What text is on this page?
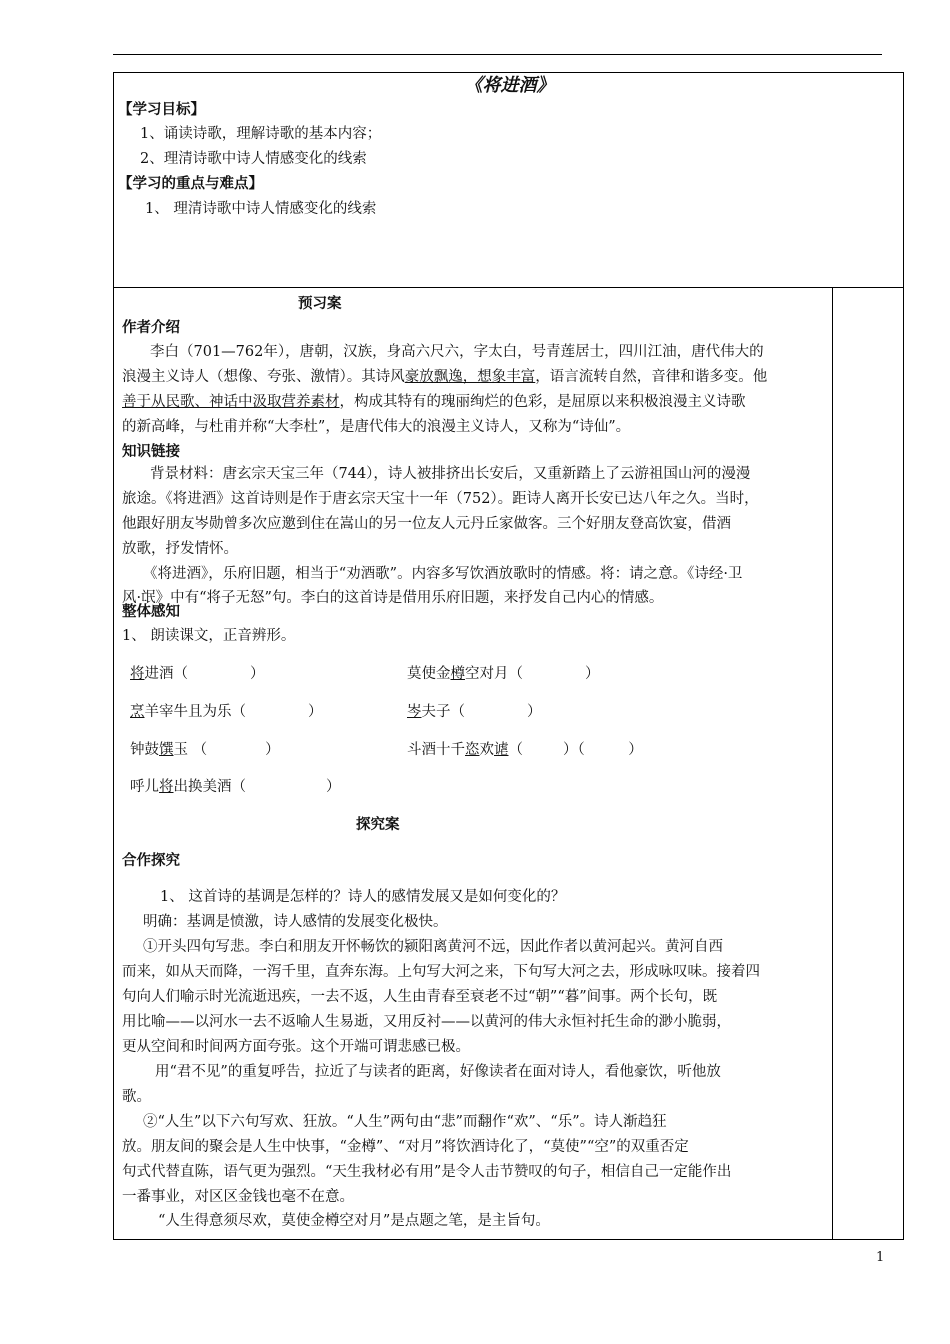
《将进酒》
【学习目标】
1、诵读诗歌，理解诗歌的基本内容；
2、理清诗歌中诗人情感变化的线索
【学习的重点与难点】
1、 理清诗歌中诗人情感变化的线索
预习案
作者介绍
李白（701—762年），唐朝，汉族，身高六尺六，字太白，号青莲居士，四川江油，唐代伟大的
浪漫主义诗人（想像、夸张、激情）。其诗风豪放飘逸，想象丰富，语言流转自然，音律和谐多变。他
善于从民歌、神话中汲取营养素材，构成其特有的瑰丽绚烂的色彩，是屈原以来积极浪漫主义诗歌
的新高峰，与杜甫并称“大李杜”，是唐代伟大的浪漫主义诗人，又称为“诗仙”。
知识链接
背景材料：唐玄宗天宝三年（744），诗人被排挤出长安后，又重新踏上了云游祖国山河的漫漫
旅途。《将进酒》这首诗则是作于唐玄宗天宝十一年（752）。距诗人离开长安已达八年之久。当时，
他跟好朋友岑勋曾多次应邀到住在嵩山的另一位友人元丹丘家做客。三个好朋友登高饮宴，借酒
放歌，抒发情怀。
《将进酒》，乐府旧题，相当于“劝酒歌”。内容多写饮酒放歌时的情感。将：请之意。《诗经·卫
风·氓》中有“将子无怒”句。李白的这首诗是借用乐府旧题，来抒发自己内心的情感。
整体感知
1、 朗读课文，正音辨形。
将进酒（	）	莫使金樽空对月（	）
烹羊宰牛且为乐（	）	岑夫子（	）
钟鼓馔玉 （	）	斗酒十千恣欢谑（	）（　　　）
呼儿将出换美酒（	）
探究案
合作探究
1、 这首诗的基调是怎样的？诗人的感情发展又是如何变化的？
明确：基调是愤激，诗人感情的发展变化极快。
①开头四句写悲。李白和朋友开怀畅饮的颍阳离黄河不远，因此作者以黄河起兴。黄河自西
而来，如从天而降，一泻千里，直奔东海。上句写大河之来，下句写大河之去，形成咏叹味。接着四
句向人们喻示时光流逝迅疾，一去不返，人生由青春至衰老不过“朝”“暮”间事。两个长句，既
用比喻——以河水一去不返喻人生易逝，又用反衬——以黄河的伟大永恒衬托生命的渺小脆弱，
更从空间和时间两方面夸张。这个开端可谓悲感已极。
用“君不见”的重复呼告，拉近了与读者的距离，好像读者在面对诗人，看他豪饮，听他放
歌。
②“人生”以下六句写欢、狂放。“人生”两句由“悲”而翻作“欢”、“乐”。诗人渐趋狂
放。朋友间的聚会是人生中快事，“金樽”、“对月”将饮酒诗化了，“莫使”“空”的双重否定
句式代替直陈，语气更为强烈。“天生我材必有用”是令人击节赞叹的句子，相信自己一定能作出
一番事业，对区区金钱也毫不在意。
“人生得意须尽欢，莫使金樽空对月”是点题之笔，是主旨句。
1
